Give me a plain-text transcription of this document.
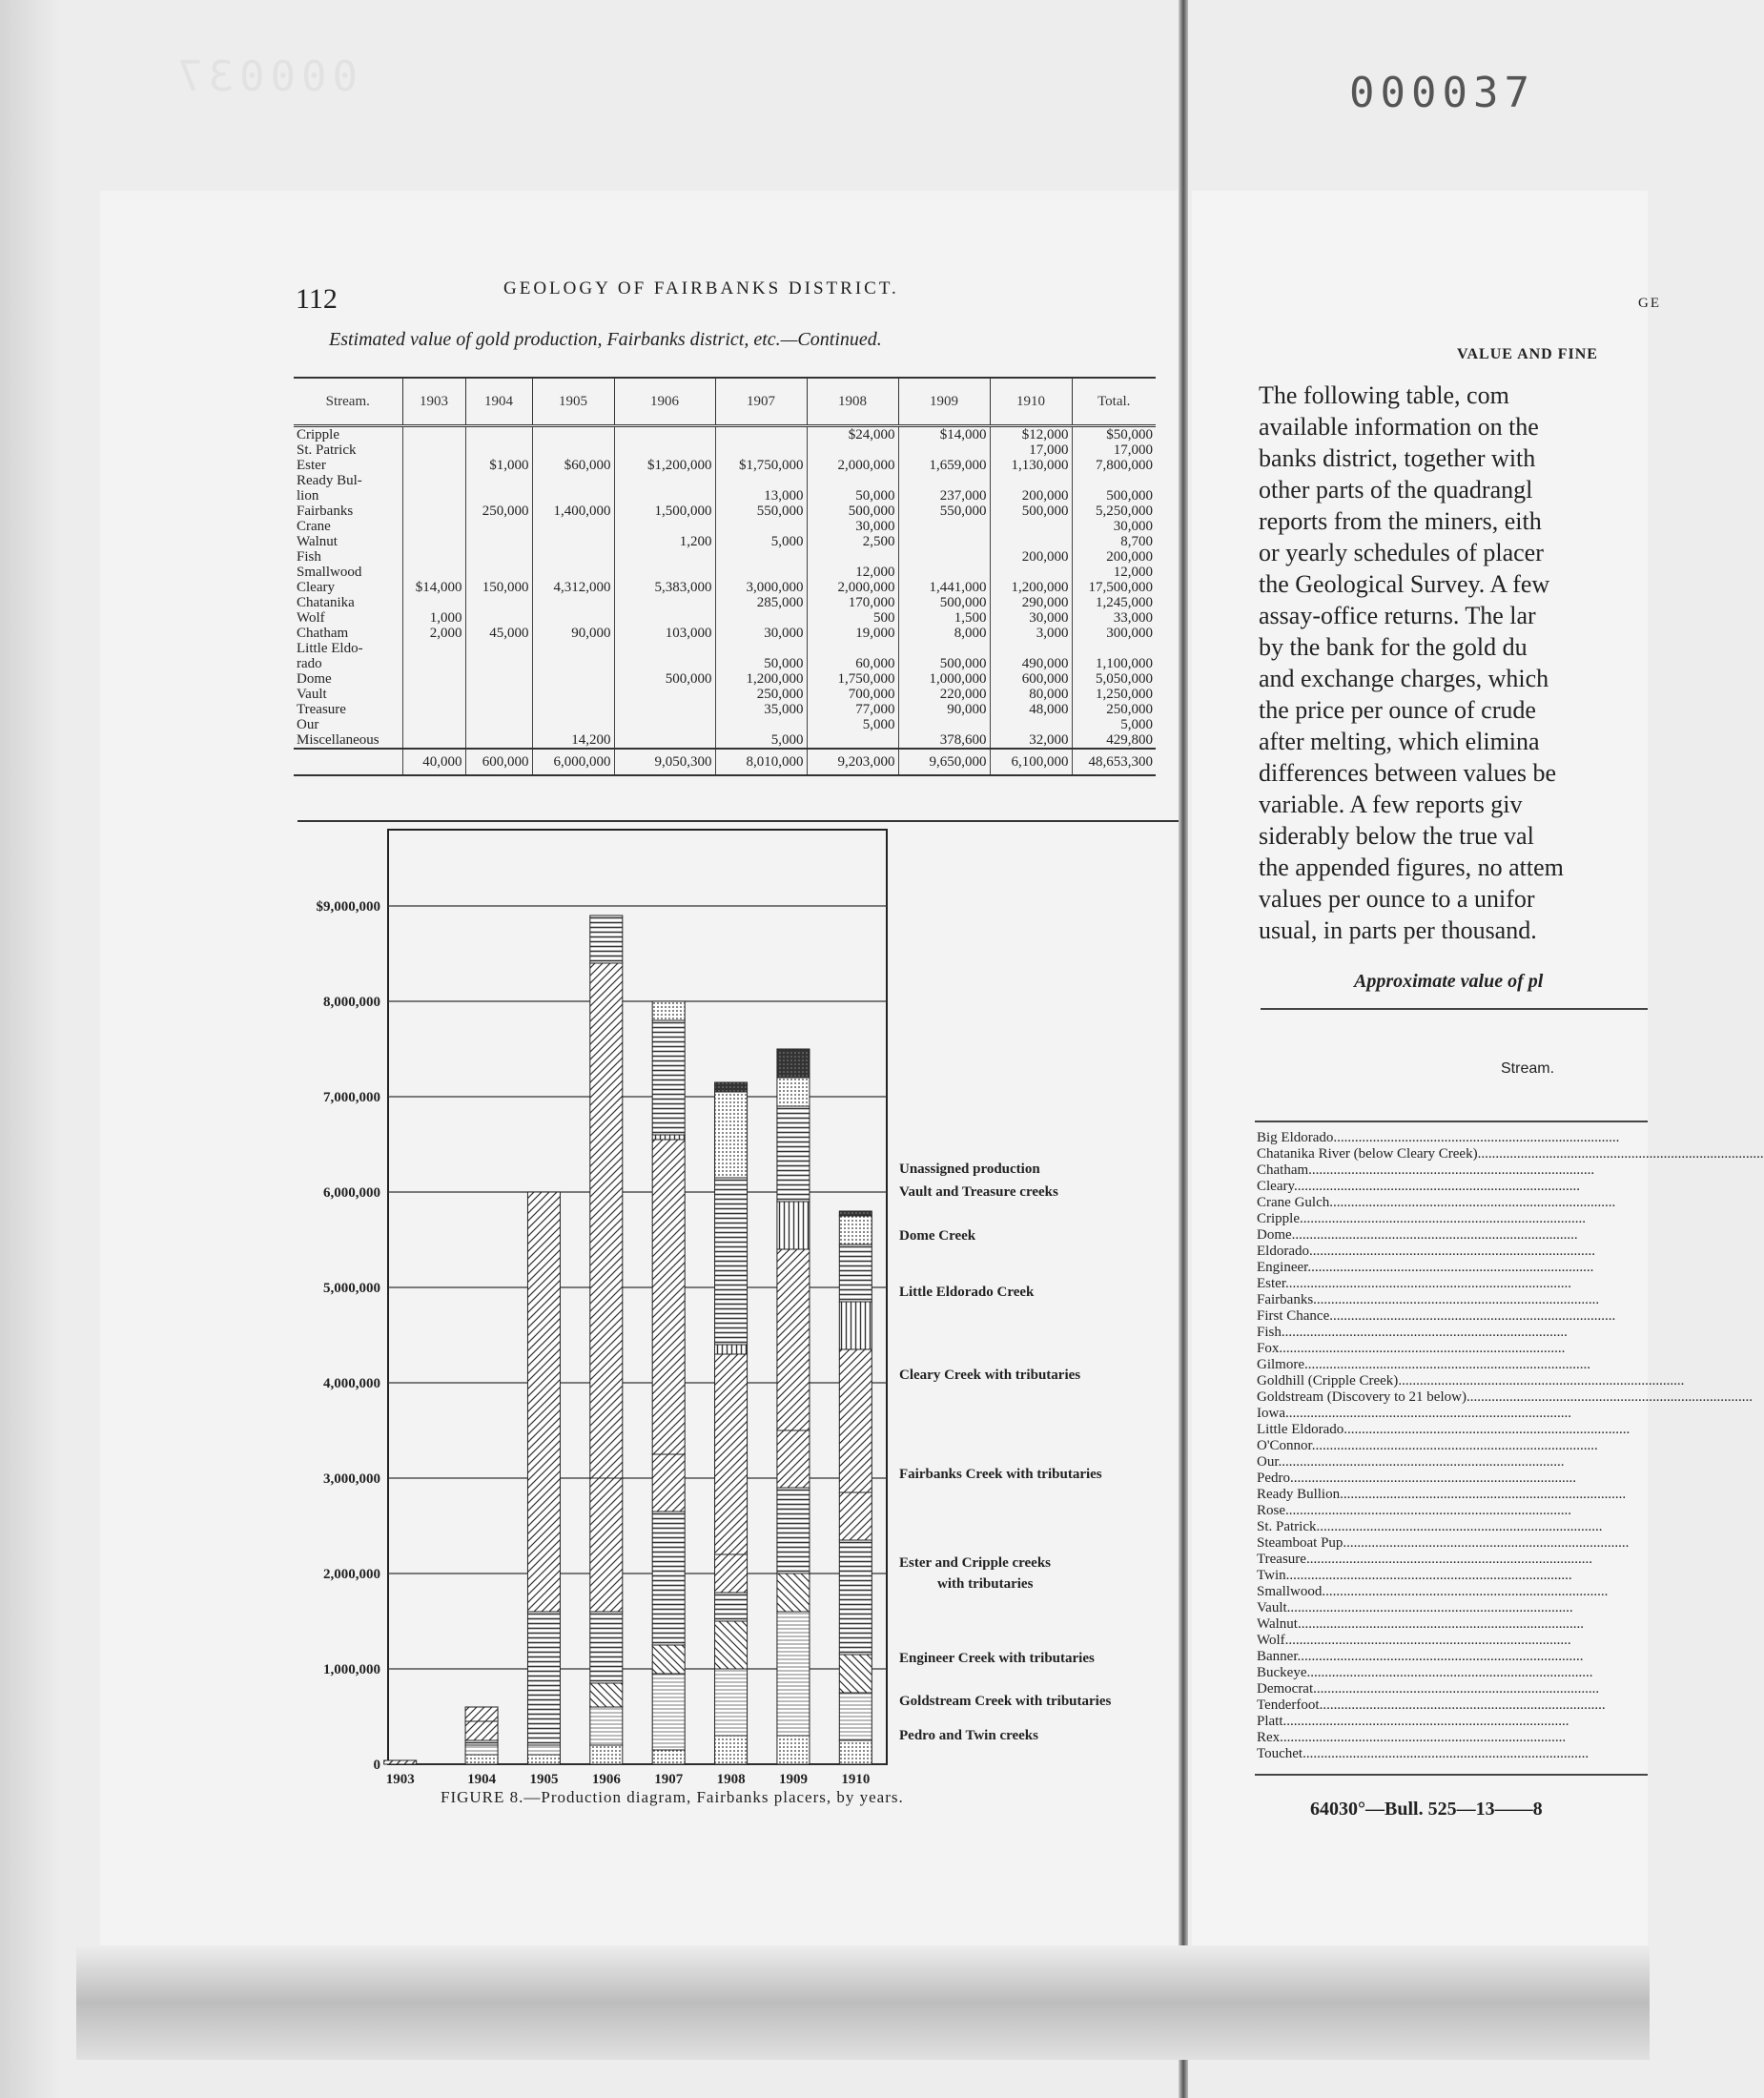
000037
000037
112	GEOLOGY OF FAIRBANKS DISTRICT.
Estimated value of gold production, Fairbanks district, etc.—Continued.
Stream.	1903	1904	1905	1906	1907	1908	1909	1910	Total.
Cripple						$24,000	$14,000	$12,000	$50,000
St. Patrick								17,000	17,000
Ester		$1,000	$60,000	$1,200,000	$1,750,000	2,000,000	1,659,000	1,130,000	7,800,000
Ready Bul-									
lion					13,000	50,000	237,000	200,000	500,000
Fairbanks		250,000	1,400,000	1,500,000	550,000	500,000	550,000	500,000	5,250,000
Crane						30,000			30,000
Walnut				1,200	5,000	2,500			8,700
Fish								200,000	200,000
Smallwood						12,000			12,000
Cleary	$14,000	150,000	4,312,000	5,383,000	3,000,000	2,000,000	1,441,000	1,200,000	17,500,000
Chatanika					285,000	170,000	500,000	290,000	1,245,000
Wolf	1,000					500	1,500	30,000	33,000
Chatham	2,000	45,000	90,000	103,000	30,000	19,000	8,000	3,000	300,000
Little Eldo-									
rado					50,000	60,000	500,000	490,000	1,100,000
Dome				500,000	1,200,000	1,750,000	1,000,000	600,000	5,050,000
Vault					250,000	700,000	220,000	80,000	1,250,000
Treasure					35,000	77,000	90,000	48,000	250,000
Our						5,000			5,000
Miscellaneous			14,200		5,000		378,600	32,000	429,800
	40,000	600,000	6,000,000	9,050,300	8,010,000	9,203,000	9,650,000	6,100,000	48,653,300
0
1,000,000
2,000,000
3,000,000
4,000,000
5,000,000
6,000,000
7,000,000
8,000,000
$9,000,000
1903	1904 1905 1906 1907 1908 1909 1910
Unassigned production
Vault and Treasure creeks
Dome Creek
Little Eldorado Creek
Cleary Creek with tributaries
Fairbanks Creek with tributaries
Ester and Cripple creeks
with tributaries
Engineer Creek with tributaries
Goldstream Creek with tributaries
Pedro and Twin creeks
FIGURE 8.—Production diagram, Fairbanks placers, by years.
GE
VALUE AND FINE
The following table, com
available information on the
banks district, together with
other parts of the quadrangl
reports from the miners, eith
or yearly schedules of placer
the Geological Survey. A few
assay-office returns. The lar
by the bank for the gold du
and exchange charges, which
the price per ounce of crude
after melting, which elimina
differences between values be
variable. A few reports giv
siderably below the true val
the appended figures, no attem
values per ounce to a unifor
usual, in parts per thousand.
Approximate value of pl
Stream.
Big Eldorado................................................................................
Chatanika River (below Cleary Creek)................................................................................
Chatham................................................................................
Cleary................................................................................
Crane Gulch................................................................................
Cripple................................................................................
Dome................................................................................
Eldorado................................................................................
Engineer................................................................................
Ester................................................................................
Fairbanks................................................................................
First Chance................................................................................
Fish................................................................................
Fox................................................................................
Gilmore................................................................................
Goldhill (Cripple Creek)................................................................................
Goldstream (Discovery to 21 below)................................................................................
Iowa................................................................................
Little Eldorado................................................................................
O'Connor................................................................................
Our................................................................................
Pedro................................................................................
Ready Bullion................................................................................
Rose................................................................................
St. Patrick................................................................................
Steamboat Pup................................................................................
Treasure................................................................................
Twin................................................................................
Smallwood................................................................................
Vault................................................................................
Walnut................................................................................
Wolf................................................................................
Banner................................................................................
Buckeye................................................................................
Democrat................................................................................
Tenderfoot................................................................................
Platt................................................................................
Rex................................................................................
Touchet................................................................................
64030°—Bull. 525—13——8
